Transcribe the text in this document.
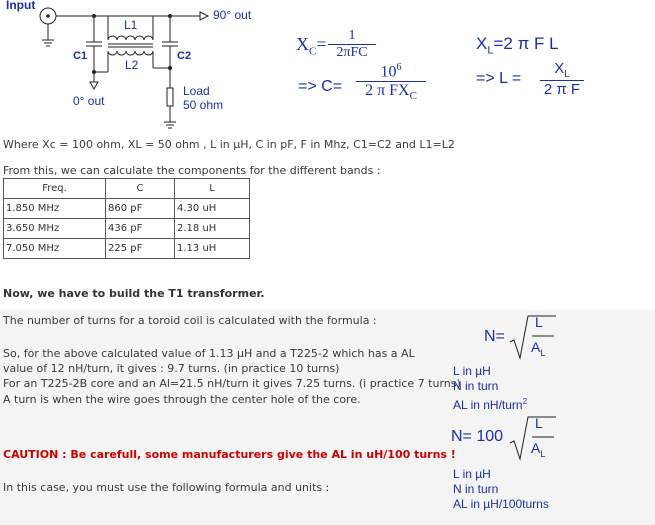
Input
90° out
L1
L2
C1	C2
0° out
Load
50 ohm
$X_C=$	1
2πFC
=> C=
$10^6$
2 π $FX_C$
$X_L=2$ π F L
=> $L = \frac{X_L}{\text{2 π F}}$
Where Xc = 100 ohm, XL = 50 ohm , L in µH, C in pF, F in Mhz, C1=C2 and L1=L2
From this, we can calculate the components for the different bands :
Freq.	C	L
1.850 MHz	860 pF	4.30 uH
3.650 MHz	436 pF	2.18 uH
7.050 MHz	225 pF	1.13 uH
Now, we have to build the T1 transformer.
The number of turns for a toroid coil is calculated with the formula :
So, for the above calculated value of 1.13 µH and a T225-2 which has a AL value of 12 nH/turn, it gives : 9.7 turns. (in practice 10 turns)
For an T225-2B core and an Al=21.5 nH/turn it gives 7.25 turns. (i practice 7 turns)
A turn is when the wire goes through the center hole of the core.
CAUTION : Be carefull, some manufacturers give the AL in uH/100 turns !
In this case, you must use the following formula and units :
N=
L
$A_L$
L in µH
N in turn
AL in nH/turn$^2$
N= 100
L
$A_L$
L in µH
N in turn
AL in µH/100turns
